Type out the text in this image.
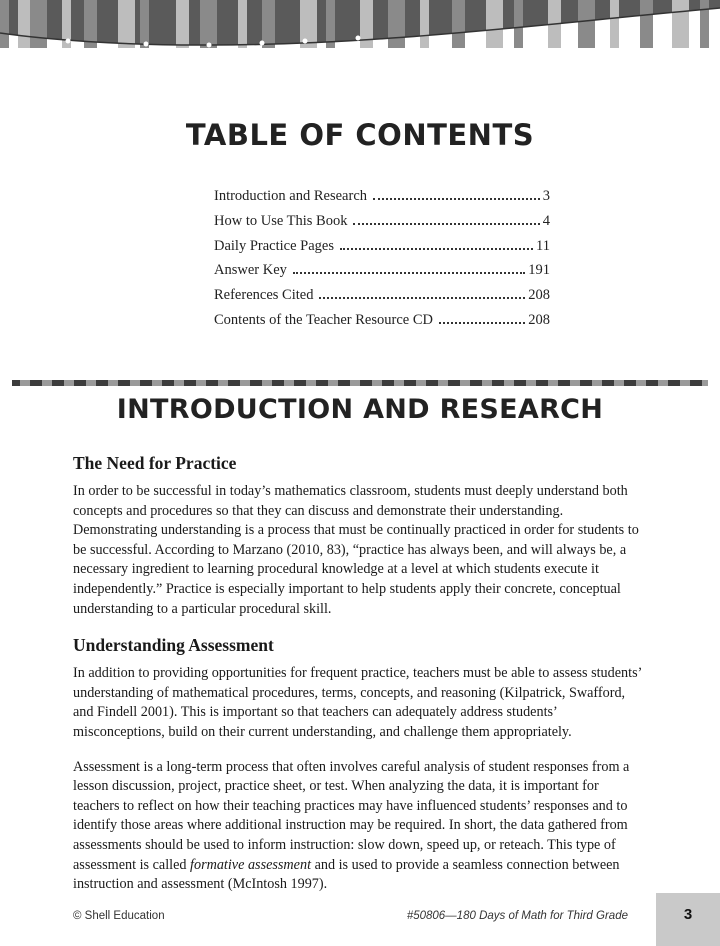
TABLE OF CONTENTS
Introduction and Research	3
How to Use This Book	4
Daily Practice Pages	11
Answer Key	191
References Cited	208
Contents of the Teacher Resource CD	208
INTRODUCTION AND RESEARCH
The Need for Practice

In order to be successful in today’s mathematics classroom, students must deeply understand both concepts and procedures so that they can discuss and demonstrate their understanding. Demonstrating understanding is a process that must be continually practiced in order for students to be successful. According to Marzano (2010, 83), “practice has always been, and will always be, a necessary ingredient to learning procedural knowledge at a level at which students execute it independently.” Practice is especially important to help students apply their concrete, conceptual understanding to a particular procedural skill.

Understanding Assessment

In addition to providing opportunities for frequent practice, teachers must be able to assess students’ understanding of mathematical procedures, terms, concepts, and reasoning (Kilpatrick, Swafford, and Findell 2001). This is important so that teachers can adequately address students’ misconceptions, build on their current understanding, and challenge them appropriately.

Assessment is a long-term process that often involves careful analysis of student responses from a lesson discussion, project, practice sheet, or test. When analyzing the data, it is important for teachers to reflect on how their teaching practices may have influenced students’ responses and to identify those areas where additional instruction may be required. In short, the data gathered from assessments should be used to inform instruction: slow down, speed up, or reteach. This type of assessment is called formative assessment and is used to provide a seamless connection between instruction and assessment (McIntosh 1997).

© Shell Education	#50806—180 Days of Math for Third Grade	3
